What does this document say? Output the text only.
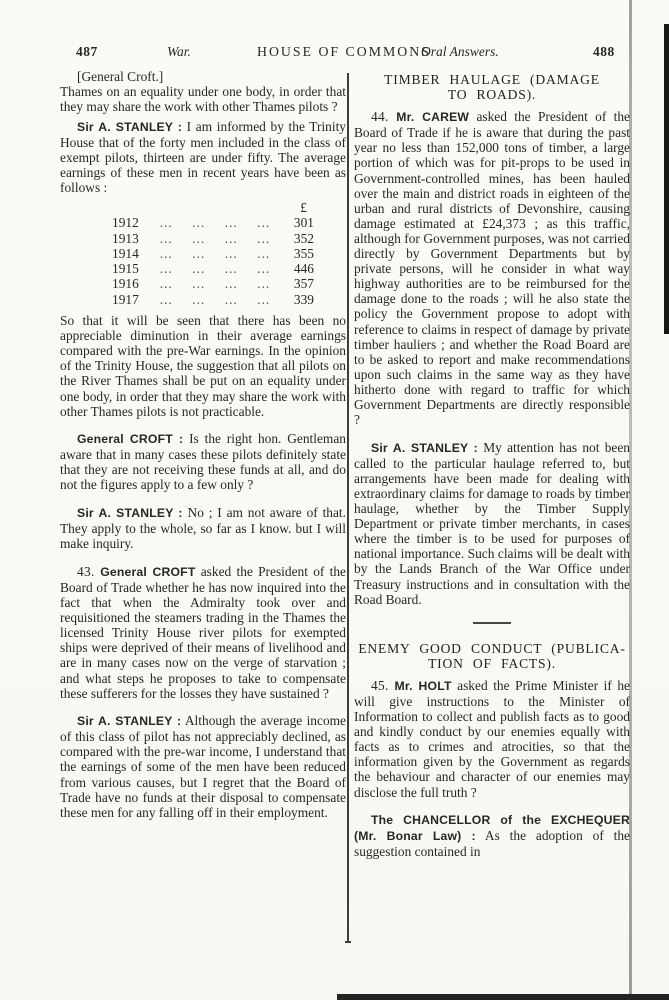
487	War.	HOUSE OF COMMONS
Oral Answers.	488

[General Croft.]

Thames on an equality under one body, in order that they may share the work with other Thames pilots ?

Sir A. STANLEY : I am informed by the Trinity House that of the forty men included in the class of exempt pilots, thirteen are under fifty. The average earnings of these men in recent years have been as follows :

£
1912	...	...	...	...	301
1913	...	...	...	...	352
1914	...	...	...	...	355
1915	...	...	...	...	446
1916	...	...	...	...	357
1917	...	...	...	...	339

So that it will be seen that there has been no appreciable diminution in their average earnings compared with the pre-War earnings. In the opinion of the Trinity House, the suggestion that all pilots on the River Thames shall be put on an equality under one body, in order that they may share the work with other Thames pilots is not practicable.

General CROFT : Is the right hon. Gentleman aware that in many cases these pilots definitely state that they are not receiving these funds at all, and do not the figures apply to a few only ?

Sir A. STANLEY : No ; I am not aware of that. They apply to the whole, so far as I know. but I will make inquiry.

43. General CROFT asked the President of the Board of Trade whether he has now inquired into the fact that when the Admiralty took over and requisitioned the steamers trading in the Thames the licensed Trinity House river pilots for exempted ships were deprived of their means of livelihood and are in many cases now on the verge of starvation ; and what steps he proposes to take to compensate these sufferers for the losses they have sustained ?

Sir A. STANLEY : Although the average income of this class of pilot has not appreciably declined, as compared with the pre-war income, I understand that the earnings of some of the men have been reduced from various causes, but I regret that the Board of Trade have no funds at their disposal to compensate these men for any falling off in their employment.

TIMBER HAULAGE (DAMAGE
TO ROADS).

44. Mr. CAREW asked the President of the Board of Trade if he is aware that during the past year no less than 152,000 tons of timber, a large portion of which was for pit-props to be used in Government-controlled mines, has been hauled over the main and district roads in eighteen of the urban and rural districts of Devonshire, causing damage estimated at £24,373 ; as this traffic, although for Government purposes, was not carried directly by Government Departments but by private persons, will he consider in what way highway authorities are to be reimbursed for the damage done to the roads ; will he also state the policy the Government propose to adopt with reference to claims in respect of damage by private timber hauliers ; and whether the Road Board are to be asked to report and make recommendations upon such claims in the same way as they have hitherto done with regard to traffic for which Government Departments are directly responsible ?

Sir A. STANLEY : My attention has not been called to the particular haulage referred to, but arrangements have been made for dealing with extraordinary claims for damage to roads by timber haulage, whether by the Timber Supply Department or private timber merchants, in cases where the timber is to be used for purposes of national importance. Such claims will be dealt with by the Lands Branch of the War Office under Treasury instructions and in consultation with the Road Board.

ENEMY GOOD CONDUCT (PUBLICA-
TION OF FACTS).

45. Mr. HOLT asked the Prime Minister if he will give instructions to the Minister of Information to collect and publish facts as to good and kindly conduct by our enemies equally with facts as to crimes and atrocities, so that the information given by the Government as regards the behaviour and character of our enemies may disclose the full truth ?

The CHANCELLOR of the EXCHEQUER (Mr. Bonar Law) : As the adoption of the suggestion contained in
